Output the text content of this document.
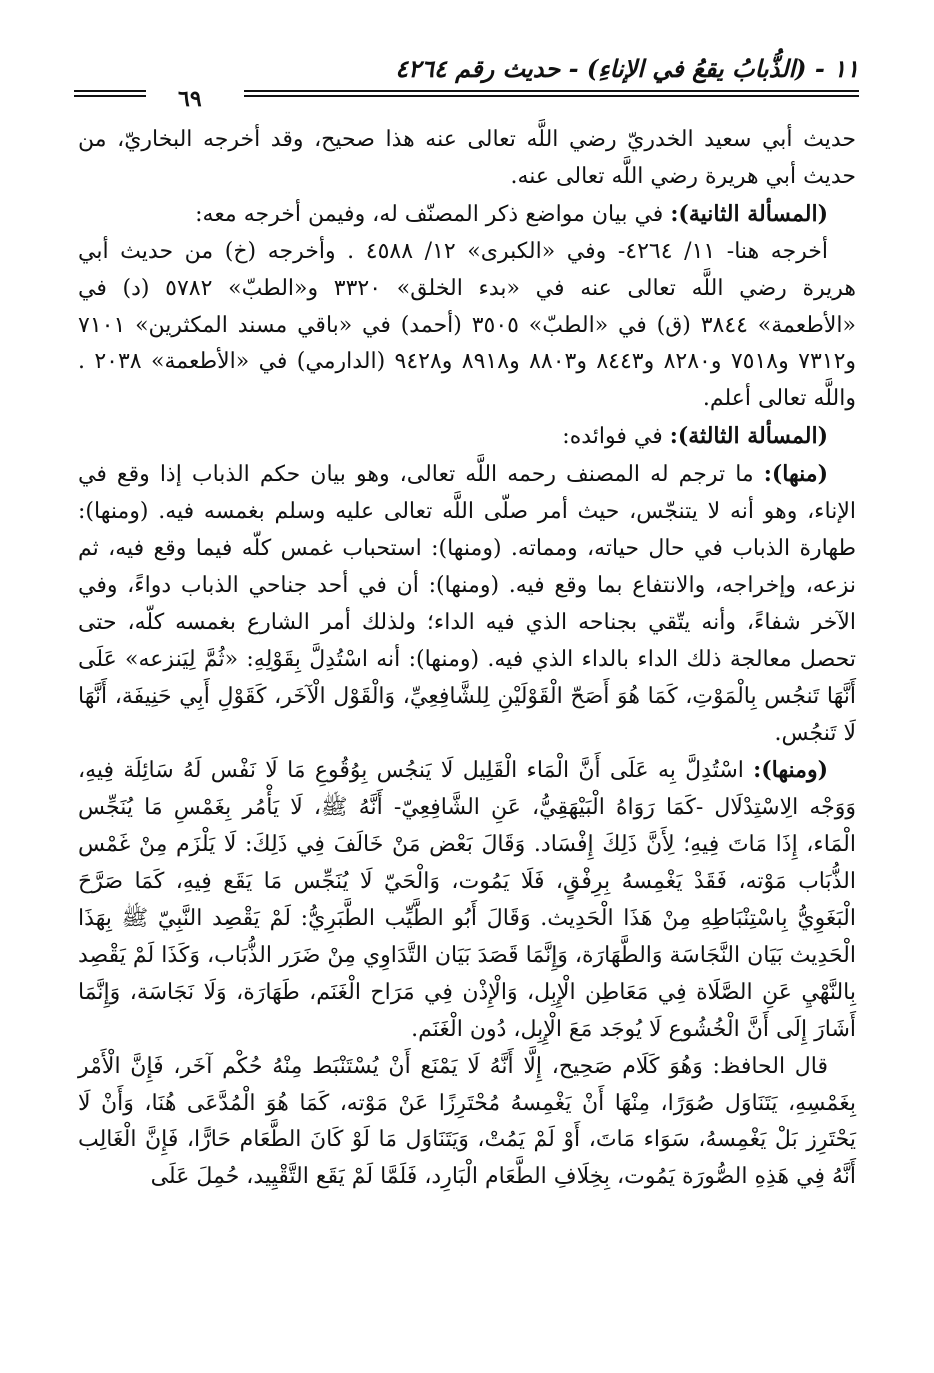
١١ - (الذُّبابُ يقعُ في الإناءِ) - حديث رقم ٤٢٦٤
٦٩

حديث أبي سعيد الخدريّ رضي اللَّه تعالى عنه هذا صحيح، وقد أخرجه البخاريّ، من حديث أبي هريرة رضي اللَّه تعالى عنه.

(المسألة الثانية): في بيان مواضع ذكر المصنّف له، وفيمن أخرجه معه:

أخرجه هنا- ١١/ ٤٢٦٤- وفي «الكبرى» ١٢/ ٤٥٨٨ . وأخرجه (خ) من حديث أبي هريرة رضي اللَّه تعالى عنه في «بدء الخلق» ٣٣٢٠ و«الطبّ» ٥٧٨٢ (د) في «الأطعمة» ٣٨٤٤ (ق) في «الطبّ» ٣٥٠٥ (أحمد) في «باقي مسند المكثرين» ٧١٠١ و٧٣١٢ و٧٥١٨ و٨٢٨٠ و٨٤٤٣ و٨٨٠٣ و٨٩١٨ و٩٤٢٨ (الدارمي) في «الأطعمة» ٢٠٣٨ . واللَّه تعالى أعلم.

(المسألة الثالثة): في فوائده:

(منها): ما ترجم له المصنف رحمه اللَّه تعالى، وهو بيان حكم الذباب إذا وقع في الإناء، وهو أنه لا يتنجّس، حيث أمر صلّى اللَّه تعالى عليه وسلم بغمسه فيه. (ومنها): طهارة الذباب في حال حياته، ومماته. (ومنها): استحباب غمس كلّه فيما وقع فيه، ثم نزعه، وإخراجه، والانتفاع بما وقع فيه. (ومنها): أن في أحد جناحي الذباب دواءً، وفي الآخر شفاءً، وأنه يتّقي بجناحه الذي فيه الداء؛ ولذلك أمر الشارع بغمسه كلّه، حتى تحصل معالجة ذلك الداء بالداء الذي فيه. (ومنها): أنه اسْتُدِلَّ بِقَوْلِهِ: «ثُمَّ لِيَنزعه» عَلَى أَنَّهَا تَنجُس بِالْمَوْتِ، كَمَا هُوَ أَصَحّ الْقَوْلَيْنِ لِلشَّافِعِيِّ، وَالْقَوْل الْآخَر، كَقَوْلِ أَبِي حَنِيفَة، أَنَّهَا لَا تَنجُس.

(ومنها): اسْتُدِلَّ بِه عَلَى أَنَّ الْمَاء الْقَلِيل لَا يَنجُس بِوُقُوعِ مَا لَا نَفْس لَهُ سَائِلَة فِيهِ، وَوَجْه الِاسْتِدْلَال -كَمَا رَوَاهُ الْبَيْهَقِيُّ، عَنِ الشَّافِعِيّ- أَنَّهُ ﷺ، لَا يَأْمُر بِغَمْسِ مَا يُنَجِّس الْمَاء، إِذَا مَاتَ فِيهِ؛ لِأَنَّ ذَلِكَ إِفْسَاد. وَقَالَ بَعْض مَنْ خَالَفَ فِي ذَلِكَ: لَا يَلْزَم مِنْ غَمْس الذُّبَاب مَوْته، فَقَدْ يَغْمِسهُ بِرِفْقٍ، فَلَا يَمُوت، وَالْحَيّ لَا يُنَجِّس مَا يَقَع فِيهِ، كَمَا صَرَّحَ الْبَغَوِيُّ بِاسْتِنْبَاطِهِ مِنْ هَذَا الْحَدِيث. وَقَالَ أَبُو الطَّيِّب الطَّبَرِيُّ: لَمْ يَقْصِد النَّبِيّ ﷺ بِهَذَا الْحَدِيث بَيَان النَّجَاسَة وَالطَّهَارَة، وَإِنَّمَا قَصَدَ بَيَان التَّدَاوِي مِنْ ضَرَر الذُّبَاب، وَكَذَا لَمْ يَقْصِد بِالنَّهْيِ عَنِ الصَّلَاة فِي مَعَاطِن الْإِبِل، وَالْإِذْن فِي مَرَاح الْغَنَم، طَهَارَة، وَلَا نَجَاسَة، وَإِنَّمَا أَشَارَ إِلَى أَنَّ الْخُشُوع لَا يُوجَد مَعَ الْإِبِل، دُون الْغَنَم.

قال الحافظ: وَهُوَ كَلَام صَحِيح، إِلَّا أَنَّهُ لَا يَمْنَع أَنْ يُسْتَنْبَط مِنْهُ حُكْم آخَر، فَإِنَّ الْأَمْر بِغَمْسِهِ، يَتَنَاوَل صُوَرًا، مِنْهَا أَنْ يَغْمِسهُ مُحْتَرِزًا عَنْ مَوْته، كَمَا هُوَ الْمُدَّعَى هُنَا، وَأَنْ لَا يَحْتَرِز بَلْ يَغْمِسهُ، سَوَاء مَاتَ، أَوْ لَمْ يَمُتْ، وَيَتَنَاوَل مَا لَوْ كَانَ الطَّعَام حَارًّا، فَإِنَّ الْغَالِب أَنَّهُ فِي هَذِهِ الصُّورَة يَمُوت، بِخِلَافِ الطَّعَام الْبَارِد، فَلَمَّا لَمْ يَقَع التَّقْيِيد، حُمِلَ عَلَى
